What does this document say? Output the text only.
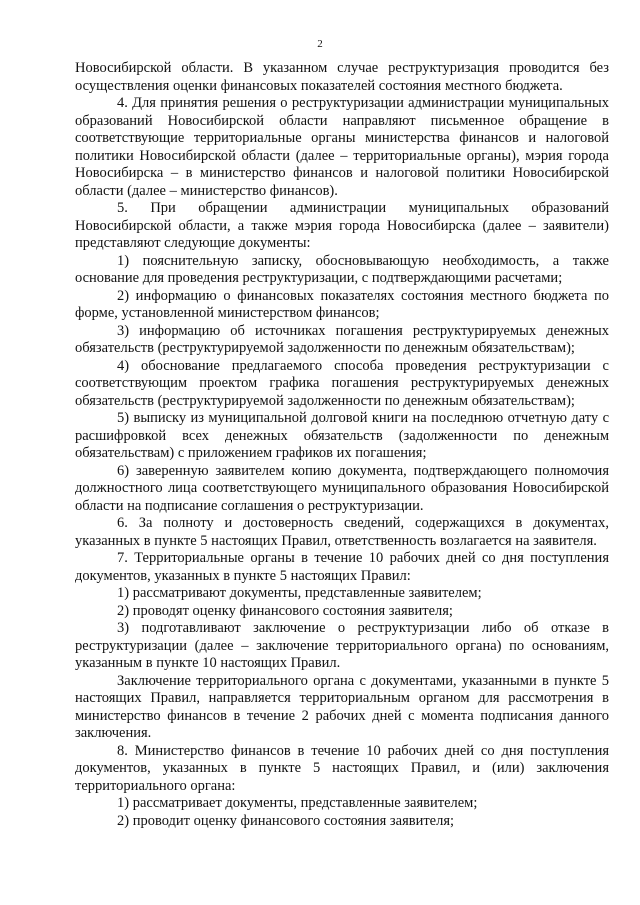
2

Новосибирской области. В указанном случае реструктуризация проводится без осуществления оценки финансовых показателей состояния местного бюджета.

4. Для принятия решения о реструктуризации администрации муниципальных образований Новосибирской области направляют письменное обращение в соответствующие территориальные органы министерства финансов и налоговой политики Новосибирской области (далее – территориальные органы), мэрия города Новосибирска – в министерство финансов и налоговой политики Новосибирской области (далее – министерство финансов).

5. При обращении администрации муниципальных образований Новосибирской области, а также мэрия города Новосибирска (далее – заявители) представляют следующие документы:

1) пояснительную записку, обосновывающую необходимость, а также основание для проведения реструктуризации, с подтверждающими расчетами;

2) информацию о финансовых показателях состояния местного бюджета по форме, установленной министерством финансов;

3) информацию об источниках погашения реструктурируемых денежных обязательств (реструктурируемой задолженности по денежным обязательствам);

4) обоснование предлагаемого способа проведения реструктуризации с соответствующим проектом графика погашения реструктурируемых денежных обязательств (реструктурируемой задолженности по денежным обязательствам);

5) выписку из муниципальной долговой книги на последнюю отчетную дату с расшифровкой всех денежных обязательств (задолженности по денежным обязательствам) с приложением графиков их погашения;

6) заверенную заявителем копию документа, подтверждающего полномочия должностного лица соответствующего муниципального образования Новосибирской области на подписание соглашения о реструктуризации.

6. За полноту и достоверность сведений, содержащихся в документах, указанных в пункте 5 настоящих Правил, ответственность возлагается на заявителя.

7. Территориальные органы в течение 10 рабочих дней со дня поступления документов, указанных в пункте 5 настоящих Правил:

1) рассматривают документы, представленные заявителем;

2) проводят оценку финансового состояния заявителя;

3) подготавливают заключение о реструктуризации либо об отказе в реструктуризации (далее – заключение территориального органа) по основаниям, указанным в пункте 10 настоящих Правил.

Заключение территориального органа с документами, указанными в пункте 5 настоящих Правил, направляется территориальным органом для рассмотрения в министерство финансов в течение 2 рабочих дней с момента подписания данного заключения.

8. Министерство финансов в течение 10 рабочих дней со дня поступления документов, указанных в пункте 5 настоящих Правил, и (или) заключения территориального органа:

1) рассматривает документы, представленные заявителем;

2) проводит оценку финансового состояния заявителя;
